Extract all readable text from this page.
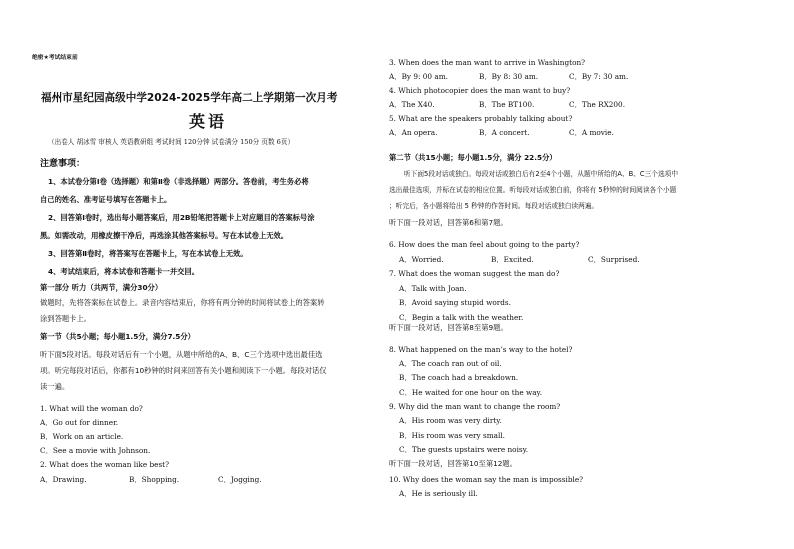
绝密★考试结束前
福州市星纪园高级中学2024-2025学年高二上学期第一次月考
英语
（出卷人 胡冰雪 审核人 英语教研组 考试时间 120分钟 试卷满分 150分 页数 6页）
注意事项：
1、本试卷分第Ⅰ卷（选择题）和第Ⅱ卷（非选择题）两部分。答卷前，考生务必将
自己的姓名、准考证号填写在答题卡上。
2、回答第Ⅰ卷时，选出每小题答案后，用2B铅笔把答题卡上对应题目的答案标号涂
黑。如需改动，用橡皮擦干净后，再选涂其他答案标号。写在本试卷上无效。
3、回答第Ⅱ卷时，将答案写在答题卡上，写在本试卷上无效。
4、考试结束后，将本试卷和答题卡一并交回。
第一部分 听力（共两节，满分30分）
做题时，先将答案标在试卷上。录音内容结束后，你将有两分钟的时间将试卷上的答案转
涂到答题卡上。
第一节（共5小题；每小题1.5分，满分7.5分）
听下面5段对话。每段对话后有一个小题，从题中所给的A、B、C三个选项中选出最佳选
项。听完每段对话后，你都有10秒钟的时间来回答有关小题和阅读下一小题。每段对话仅
读一遍。
1. What will the woman do?
A．Go out for dinner.
B．Work on an article.
C．See a movie with Johnson.
2. What does the woman like best?
A．Drawing.	B．Shopping.	C．Jogging.
3. When does the man want to arrive in Washington?
A．By 9: 00 am.	B．By 8: 30 am.	C．By 7: 30 am.
4. Which photocopier does the man want to buy?
A．The X40.	B．The BT100.	C．The RX200.
5. What are the speakers probably talking about?
A．An opera.	B．A concert.	C．A movie.
第二节（共15小题；每小题1.5分，满分 22.5分）
听下面5段对话或独白。每段对话或独白后有2至4个小题，从题中所给的A、B、C三个选项中
选出最佳选项，并标在试卷的相应位置。听每段对话或独白前，你将有 5秒钟的时间阅读各个小题
；听完后，各小题将给出 5 秒钟的作答时间。每段对话或独白读两遍。
听下面一段对话，回答第6和第7题。
6. How does the man feel about going to the party?
A．Worried.	B．Excited.	C．Surprised.
7. What does the woman suggest the man do?
A．Talk with Joan.
B．Avoid saying stupid words.
C．Begin a talk with the weather.
听下面一段对话，回答第8至第9题。
8. What happened on the man’s way to the hotel?
A．The coach ran out of oil.
B．The coach had a breakdown.
C．He waited for one hour on the way.
9. Why did the man want to change the room?
A．His room was very dirty.
B．His room was very small.
C．The guests upstairs were noisy.
听下面一段对话，回答第10至第12题。
10. Why does the woman say the man is impossible?
A．He is seriously ill.
